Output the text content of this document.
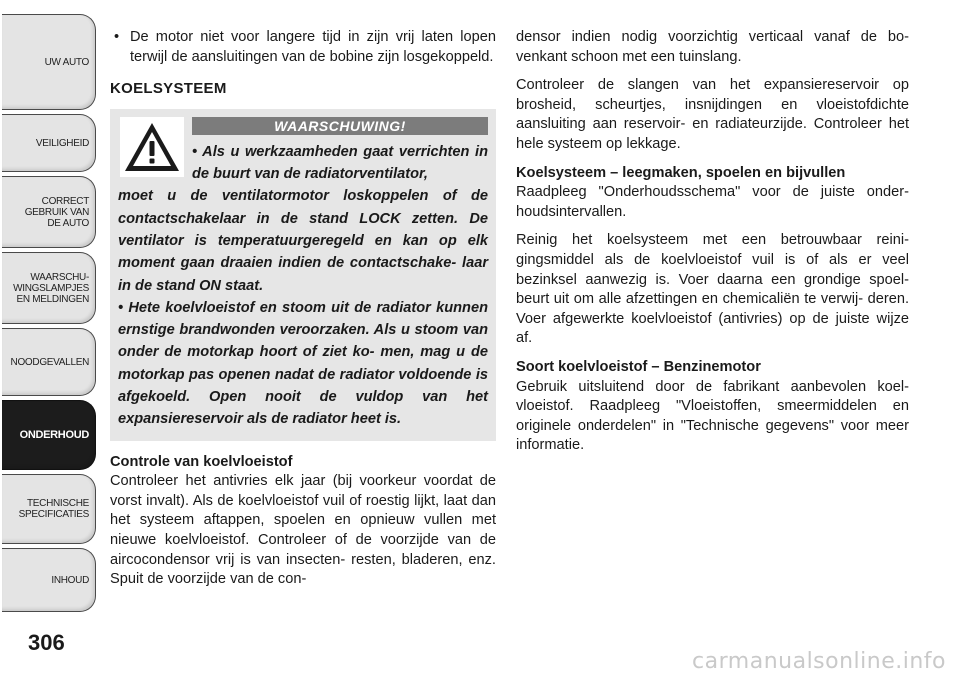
UW AUTO
VEILIGHEID
CORRECT
GEBRUIK VAN
DE AUTO
WAARSCHU-
WINGSLAMPJES
EN MELDINGEN
NOODGEVALLEN
ONDERHOUD
TECHNISCHE
SPECIFICATIES
INHOUD
306
• De motor niet voor langere tijd in zijn vrij laten lopen terwijl de aansluitingen van de bobine zijn losgekoppeld.
KOELSYSTEEM
WAARSCHUWING!
• Als u werkzaamheden gaat verrichten in de buurt van de radiatorventilator,

moet u de ventilatormotor loskoppelen of de contactschakelaar in de stand LOCK zetten. De ventilator is temperatuurgeregeld en kan op elk moment gaan draaien indien de contactschake- laar in de stand ON staat.

• Hete koelvloeistof en stoom uit de radiator kunnen ernstige brandwonden veroorzaken. Als u stoom van onder de motorkap hoort of ziet ko- men, mag u de motorkap pas openen nadat de radiator voldoende is afgekoeld. Open nooit de vuldop van het expansiereservoir als de radiator heet is.

Controle van koelvloeistof

Controleer het antivries elk jaar (bij voorkeur voordat de vorst invalt). Als de koelvloeistof vuil of roestig lijkt, laat dan het systeem aftappen, spoelen en opnieuw vullen met nieuwe koelvloeistof. Controleer of de voorzijde van de aircocondensor vrij is van insecten- resten, bladeren, enz. Spuit de voorzijde van de con-

densor indien nodig voorzichtig verticaal vanaf de bo- venkant schoon met een tuinslang.

Controleer de slangen van het expansiereservoir op brosheid, scheurtjes, insnijdingen en vloeistofdichte aansluiting aan reservoir- en radiateurzijde. Controleer het hele systeem op lekkage.

Koelsysteem – leegmaken, spoelen en bijvullen

Raadpleeg "Onderhoudsschema" voor de juiste onder- houdsintervallen.

Reinig het koelsysteem met een betrouwbaar reini- gingsmiddel als de koelvloeistof vuil is of als er veel bezinksel aanwezig is. Voer daarna een grondige spoel- beurt uit om alle afzettingen en chemicaliën te verwij- deren. Voer afgewerkte koelvloeistof (antivries) op de juiste wijze af.

Soort koelvloeistof – Benzinemotor

Gebruik uitsluitend door de fabrikant aanbevolen koel- vloeistof. Raadpleeg "Vloeistoffen, smeermiddelen en originele onderdelen" in "Technische gegevens" voor meer informatie.

carmanualsonline.info
